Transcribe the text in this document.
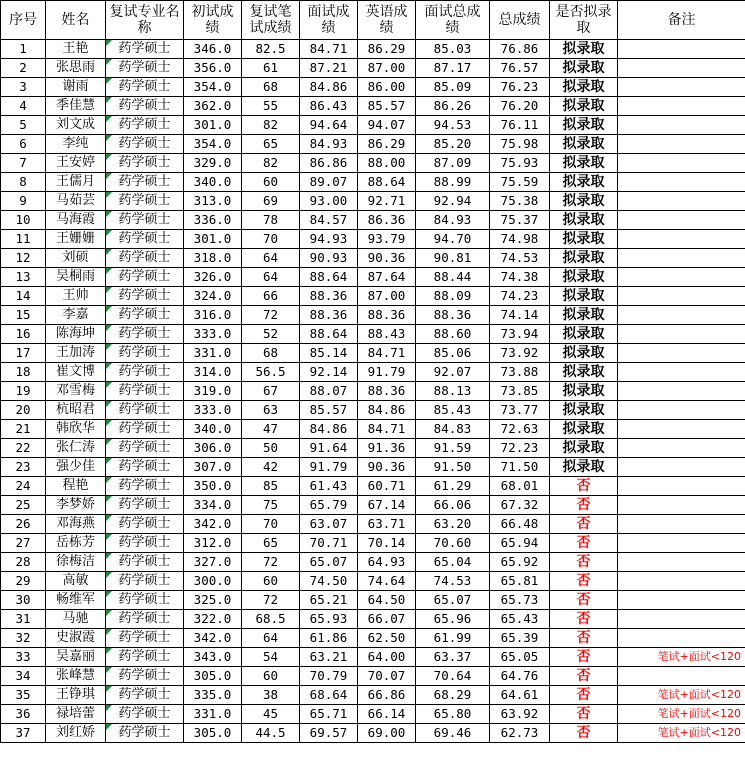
序号	姓名	复试专业名称	初试成绩	复试笔试成绩	面试成绩	英语成绩	面试总成绩	总成绩	是否拟录取	备注
1	王艳	药学硕士	346.0	82.5	84.71	86.29	85.03	76.86	拟录取	
2	张思雨	药学硕士	356.0	61	87.21	87.00	87.17	76.57	拟录取	
3	谢雨	药学硕士	354.0	68	84.86	86.00	85.09	76.23	拟录取	
4	季佳慧	药学硕士	362.0	55	86.43	85.57	86.26	76.20	拟录取	
5	刘文成	药学硕士	301.0	82	94.64	94.07	94.53	76.11	拟录取	
6	李纯	药学硕士	354.0	65	84.93	86.29	85.20	75.98	拟录取	
7	王安婷	药学硕士	329.0	82	86.86	88.00	87.09	75.93	拟录取	
8	王儒月	药学硕士	340.0	60	89.07	88.64	88.99	75.59	拟录取	
9	马茹芸	药学硕士	313.0	69	93.00	92.71	92.94	75.38	拟录取	
10	马海霞	药学硕士	336.0	78	84.57	86.36	84.93	75.37	拟录取	
11	王姗姗	药学硕士	301.0	70	94.93	93.79	94.70	74.98	拟录取	
12	刘硕	药学硕士	318.0	64	90.93	90.36	90.81	74.53	拟录取	
13	吴桐雨	药学硕士	326.0	64	88.64	87.64	88.44	74.38	拟录取	
14	王帅	药学硕士	324.0	66	88.36	87.00	88.09	74.23	拟录取	
15	李嘉	药学硕士	316.0	72	88.36	88.36	88.36	74.14	拟录取	
16	陈海坤	药学硕士	333.0	52	88.64	88.43	88.60	73.94	拟录取	
17	王加涛	药学硕士	331.0	68	85.14	84.71	85.06	73.92	拟录取	
18	崔文博	药学硕士	314.0	56.5	92.14	91.79	92.07	73.88	拟录取	
19	邓雪梅	药学硕士	319.0	67	88.07	88.36	88.13	73.85	拟录取	
20	杭昭君	药学硕士	333.0	63	85.57	84.86	85.43	73.77	拟录取	
21	韩欣华	药学硕士	340.0	47	84.86	84.71	84.83	72.63	拟录取	
22	张仁涛	药学硕士	306.0	50	91.64	91.36	91.59	72.23	拟录取	
23	强少佳	药学硕士	307.0	42	91.79	90.36	91.50	71.50	拟录取	
24	程艳	药学硕士	350.0	85	61.43	60.71	61.29	68.01	否	
25	李梦娇	药学硕士	334.0	75	65.79	67.14	66.06	67.32	否	
26	邓海燕	药学硕士	342.0	70	63.07	63.71	63.20	66.48	否	
27	岳栋芳	药学硕士	312.0	65	70.71	70.14	70.60	65.94	否	
28	徐梅洁	药学硕士	327.0	72	65.07	64.93	65.04	65.92	否	
29	高敏	药学硕士	300.0	60	74.50	74.64	74.53	65.81	否	
30	畅维军	药学硕士	325.0	72	65.21	64.50	65.07	65.73	否	
31	马驰	药学硕士	322.0	68.5	65.93	66.07	65.96	65.43	否	
32	史淑霞	药学硕士	342.0	64	61.86	62.50	61.99	65.39	否	
33	吴嘉丽	药学硕士	343.0	54	63.21	64.00	63.37	65.05	否	笔试+面试<120
34	张峰慧	药学硕士	305.0	60	70.79	70.07	70.64	64.76	否	
35	王铮琪	药学硕士	335.0	38	68.64	66.86	68.29	64.61	否	笔试+面试<120
36	禄培蕾	药学硕士	331.0	45	65.71	66.14	65.80	63.92	否	笔试+面试<120
37	刘红娇	药学硕士	305.0	44.5	69.57	69.00	69.46	62.73	否	笔试+面试<120
